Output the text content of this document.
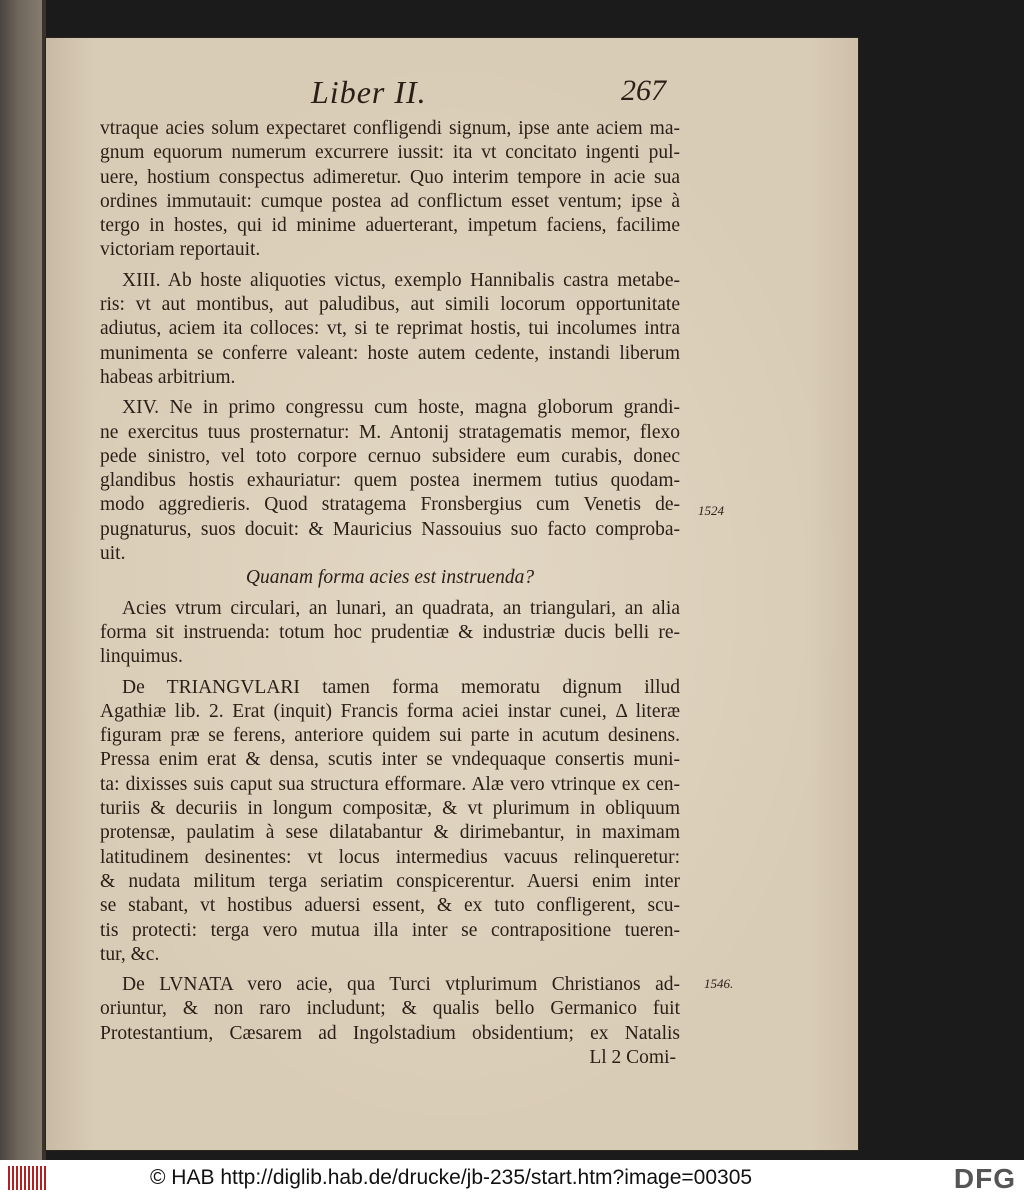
Liber II.	267
vtraque acies solum expectaret confligendi signum, ipse ante aciem ma-
gnum equorum numerum excurrere iussit: ita vt concitato ingenti pul-
uere, hostium conspectus adimeretur. Quo interim tempore in acie sua
ordines immutauit: cumque postea ad conflictum esset ventum; ipse à
tergo in hostes, qui id minime aduerterant, impetum faciens, facilime
victoriam reportauit.
XIII. Ab hoste aliquoties victus, exemplo Hannibalis castra metabe-
ris: vt aut montibus, aut paludibus, aut simili locorum opportunitate
adiutus, aciem ita colloces: vt, si te reprimat hostis, tui incolumes intra
munimenta se conferre valeant: hoste autem cedente, instandi liberum
habeas arbitrium.
XIV. Ne in primo congressu cum hoste, magna globorum grandi-
ne exercitus tuus prosternatur: M. Antonij stratagematis memor, flexo
pede sinistro, vel toto corpore cernuo subsidere eum curabis, donec
glandibus hostis exhauriatur: quem postea inermem tutius quodam-
modo aggredieris. Quod stratagema Fronsbergius cum Venetis de-
pugnaturus, suos docuit: & Mauricius Nassouius suo facto comproba-
uit.
Quanam forma acies est instruenda?
Acies vtrum circulari, an lunari, an quadrata, an triangulari, an alia
forma sit instruenda: totum hoc prudentiæ & industriæ ducis belli re-
linquimus.
De TRIANGVLARI tamen forma memoratu dignum illud
Agathiæ lib. 2. Erat (inquit) Francis forma aciei instar cunei, Δ literæ
figuram præ se ferens, anteriore quidem sui parte in acutum desinens.
Pressa enim erat & densa, scutis inter se vndequaque consertis muni-
ta: dixisses suis caput sua structura efformare. Alæ vero vtrinque ex cen-
turiis & decuriis in longum compositæ, & vt plurimum in obliquum
protensæ, paulatim à sese dilatabantur & dirimebantur, in maximam
latitudinem desinentes: vt locus intermedius vacuus relinqueretur:
& nudata militum terga seriatim conspicerentur. Auersi enim inter
se stabant, vt hostibus aduersi essent, & ex tuto confligerent, scu-
tis protecti: terga vero mutua illa inter se contrapositione tueren-
tur, &c.
De LVNATA vero acie, qua Turci vtplurimum Christianos ad-
oriuntur, & non raro includunt; & qualis bello Germanico fuit
Protestantium, Cæsarem ad Ingolstadium obsidentium; ex Natalis
Ll 2 Comi-
1524
1546.
© HAB http://diglib.hab.de/drucke/jb-235/start.htm?image=00305	DFG
